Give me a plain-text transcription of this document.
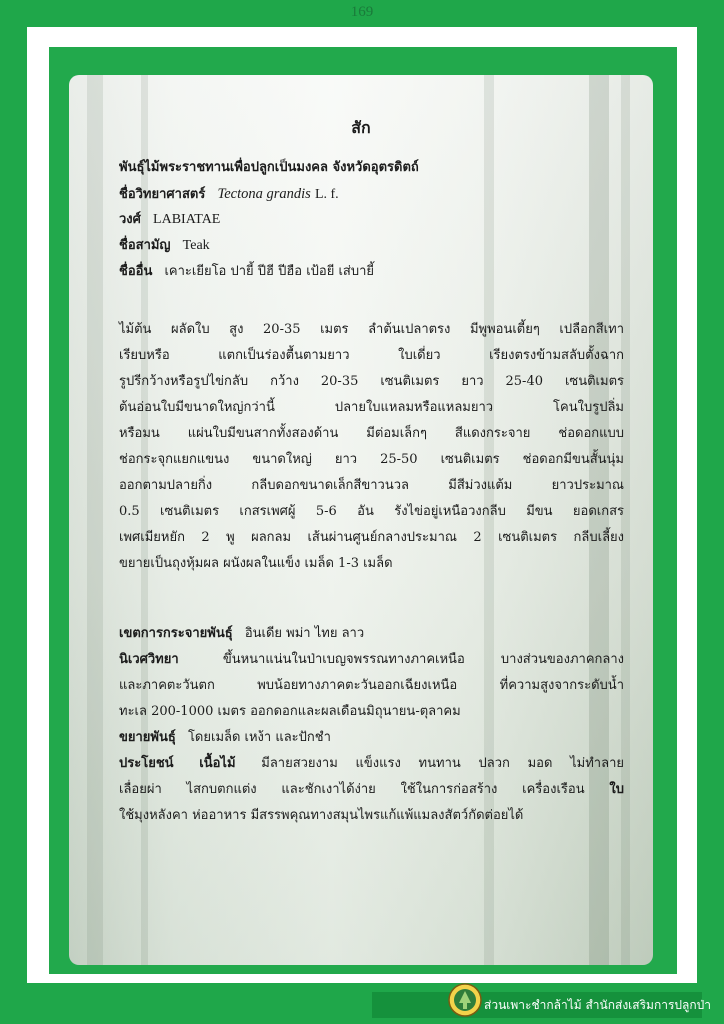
169
สัก
พันธุ์ไม้พระราชทานเพื่อปลูกเป็นมงคล จังหวัดอุตรดิตถ์
ชื่อวิทยาศาสตร์ Tectona grandis L. f.
วงศ์ LABIATAE
ชื่อสามัญ Teak
ชื่ออื่น เคาะเยียโอ ปายี้ ปีฮี ปีฮือ เป้อยี เส่บายี้
ไม้ต้น ผลัดใบ สูง 20-35 เมตร ลำต้นเปลาตรง มีพูพอนเตี้ยๆ เปลือกสีเทา
เรียบหรือ แตกเป็นร่องตื้นตามยาว ใบเดี่ยว เรียงตรงข้ามสลับตั้งฉาก
รูปรีกว้างหรือรูปไข่กลับ กว้าง 20-35 เซนติเมตร ยาว 25-40 เซนติเมตร
ต้นอ่อนใบมีขนาดใหญ่กว่านี้ ปลายใบแหลมหรือแหลมยาว โคนใบรูปลิ่ม
หรือมน แผ่นใบมีขนสากทั้งสองด้าน มีต่อมเล็กๆ สีแดงกระจาย ช่อดอกแบบ
ช่อกระจุกแยกแขนง ขนาดใหญ่ ยาว 25-50 เซนติเมตร ช่อดอกมีขนสั้นนุ่ม
ออกตามปลายกิ่ง กลีบดอกขนาดเล็กสีขาวนวล มีสีม่วงแต้ม ยาวประมาณ
0.5 เซนติเมตร เกสรเพศผู้ 5-6 อัน รังไข่อยู่เหนือวงกลีบ มีขน ยอดเกสร
เพศเมียหยัก 2 พู ผลกลม เส้นผ่านศูนย์กลางประมาณ 2 เซนติเมตร กลีบเลี้ยง
ขยายเป็นถุงหุ้มผล ผนังผลในแข็ง เมล็ด 1-3 เมล็ด
เขตการกระจายพันธุ์ อินเดีย พม่า ไทย ลาว
นิเวศวิทยา	ขึ้นหนาแน่นในป่าเบญจพรรณทางภาคเหนือ บางส่วนของภาคกลาง
และภาคตะวันตก พบน้อยทางภาคตะวันออกเฉียงเหนือ ที่ความสูงจากระดับน้ำ
ทะเล 200-1000 เมตร ออกดอกและผลเดือนมิถุนายน-ตุลาคม
ขยายพันธุ์ โดยเมล็ด เหง้า และปักชำ
ประโยชน์ เนื้อไม้ มีลายสวยงาม แข็งแรง ทนทาน ปลวก มอด ไม่ทำลาย
เลื่อยผ่า ไสกบตกแต่ง และชักเงาได้ง่าย ใช้ในการก่อสร้าง เครื่องเรือน ใบ
ใช้มุงหลังคา ห่ออาหาร มีสรรพคุณทางสมุนไพรแก้แพ้แมลงสัตว์กัดต่อยได้
ส่วนเพาะชำกล้าไม้ สำนักส่งเสริมการปลูกป่า
